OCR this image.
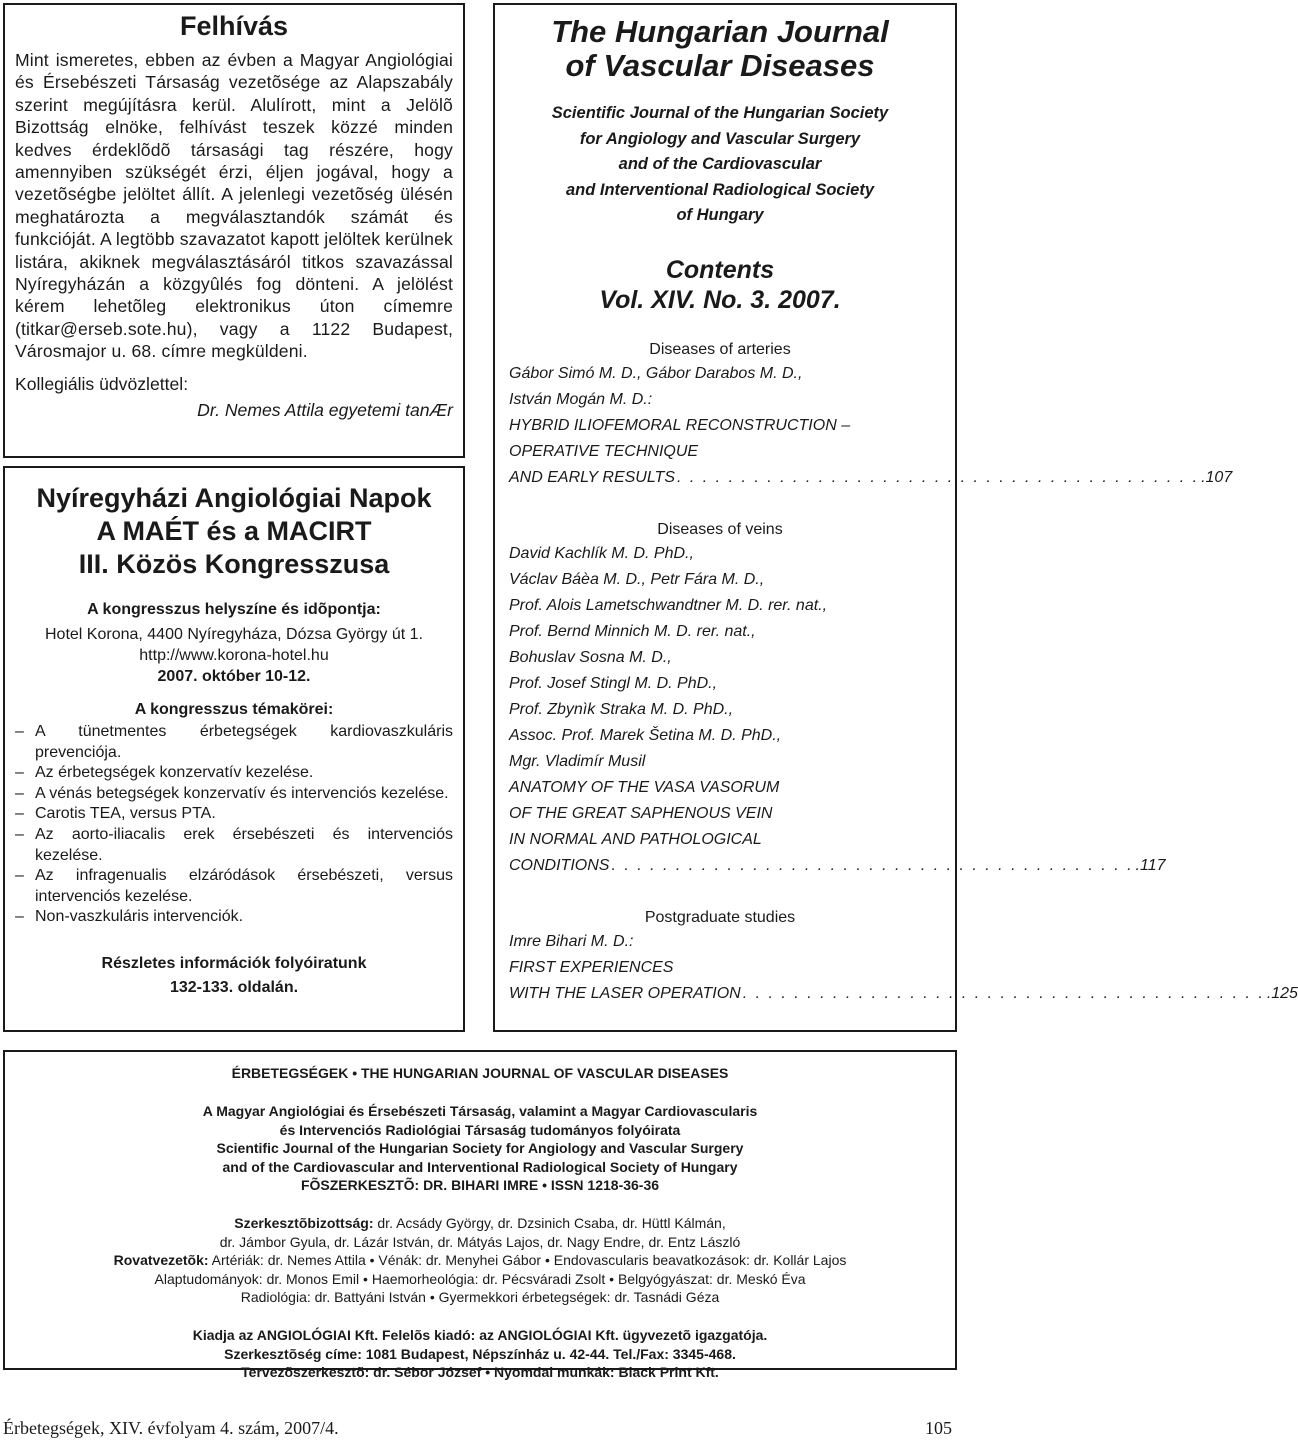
Felhívás

Mint ismeretes, ebben az évben a Magyar Angiológiai és Érsebészeti Társaság vezetõsége az Alapszabály szerint megújításra kerül. Alulírott, mint a Jelölõ Bizottság elnöke, felhívást teszek közzé minden kedves érdeklõdõ társasági tag részére, hogy amennyiben szükségét érzi, éljen jogával, hogy a vezetõségbe jelöltet állít. A jelenlegi vezetõség ülésén meghatározta a megválasztandók számát és funkcióját. A legtöbb szavazatot kapott jelöltek kerülnek listára, akiknek megválasztásáról titkos szavazással Nyíregyházán a közgyûlés fog dönteni. A jelölést kérem lehetõleg elektronikus úton címemre (titkar@erseb.sote.hu), vagy a 1122 Budapest, Városmajor u. 68. címre megküldeni.

Kollegiális üdvözlettel:

Dr. Nemes Attila egyetemi tanÆr

Nyíregyházi Angiológiai Napok
A MAÉT és a MACIRT
III. Közös Kongresszusa
A kongresszus helyszíne és idõpontja:
Hotel Korona, 4400 Nyíregyháza, Dózsa György út 1.
http://www.korona-hotel.hu
2007. október 10-12.
A kongresszus témakörei:
– A tünetmentes érbetegségek kardiovaszkuláris prevenciója.
– Az érbetegségek konzervatív kezelése.
– A vénás betegségek konzervatív és intervenciós kezelése.
– Carotis TEA, versus PTA.
– Az aorto-iliacalis erek érsebészeti és intervenciós kezelése.
– Az infragenualis elzáródások érsebészeti, versus intervenciós kezelése.
– Non-vaszkuláris intervenciók.
Részletes információk folyóiratunk
132-133. oldalán.
The Hungarian Journal
of Vascular Diseases
Scientific Journal of the Hungarian Society
for Angiology and Vascular Surgery
and of the Cardiovascular
and Interventional Radiological Society
of Hungary
Contents
Vol. XIV. No. 3. 2007.
Diseases of arteries
Gábor Simó M. D., Gábor Darabos M. D.,
István Mogán M. D.:
HYBRID ILIOFEMORAL RECONSTRUCTION –
OPERATIVE TECHNIQUE
AND EARLY RESULTS . . . . . . . . . . . . . . . . . . . . . . . . . . . . . . . . . . . . . . . . . .107
Diseases of veins
David Kachlík M. D. PhD.,
Václav Báèa M. D., Petr Fára M. D.,
Prof. Alois Lametschwandtner M. D. rer. nat.,
Prof. Bernd Minnich M. D. rer. nat.,
Bohuslav Sosna M. D.,
Prof. Josef Stingl M. D. PhD.,
Prof. Zbynìk Straka M. D. PhD.,
Assoc. Prof. Marek Šetina M. D. PhD.,
Mgr. Vladimír Musil
ANATOMY OF THE VASA VASORUM
OF THE GREAT SAPHENOUS VEIN
IN NORMAL AND PATHOLOGICAL
CONDITIONS . . . . . . . . . . . . . . . . . . . . . . . . . . . . . . . . . . . . . . . . . .117
Postgraduate studies
Imre Bihari M. D.:
FIRST EXPERIENCES
WITH THE LASER OPERATION . . . . . . . . . . . . . . . . . . . . . . . . . . . . . . . . . . . . . . . . . .125
ÉRBETEGSÉGEK • THE HUNGARIAN JOURNAL OF VASCULAR DISEASES
A Magyar Angiológiai és Érsebészeti Társaság, valamint a Magyar Cardiovascularis
és Intervenciós Radiológiai Társaság tudományos folyóirata
Scientific Journal of the Hungarian Society for Angiology and Vascular Surgery
and of the Cardiovascular and Interventional Radiological Society of Hungary
FÕSZERKESZTÕ: DR. BIHARI IMRE • ISSN 1218-36-36
Szerkesztõbizottság: dr. Acsády György, dr. Dzsinich Csaba, dr. Hüttl Kálmán,
dr. Jámbor Gyula, dr. Lázár István, dr. Mátyás Lajos, dr. Nagy Endre, dr. Entz László
Rovatvezetõk: Artériák: dr. Nemes Attila • Vénák: dr. Menyhei Gábor • Endovascularis beavatkozások: dr. Kollár Lajos
Alaptudományok: dr. Monos Emil • Haemorheológia: dr. Pécsváradi Zsolt • Belgyógyászat: dr. Meskó Éva
Radiológia: dr. Battyáni István • Gyermekkori érbetegségek: dr. Tasnádi Géza
Kiadja az ANGIOLÓGIAI Kft. Felelõs kiadó: az ANGIOLÓGIAI Kft. ügyvezetõ igazgatója.
Szerkesztõség címe: 1081 Budapest, Népszínház u. 42-44. Tel./Fax: 3345-468.
Tervezõszerkesztõ: dr. Sébor József • Nyomdai munkák: Black Print Kft.
Érbetegségek, XIV. évfolyam 4. szám, 2007/4.	105
